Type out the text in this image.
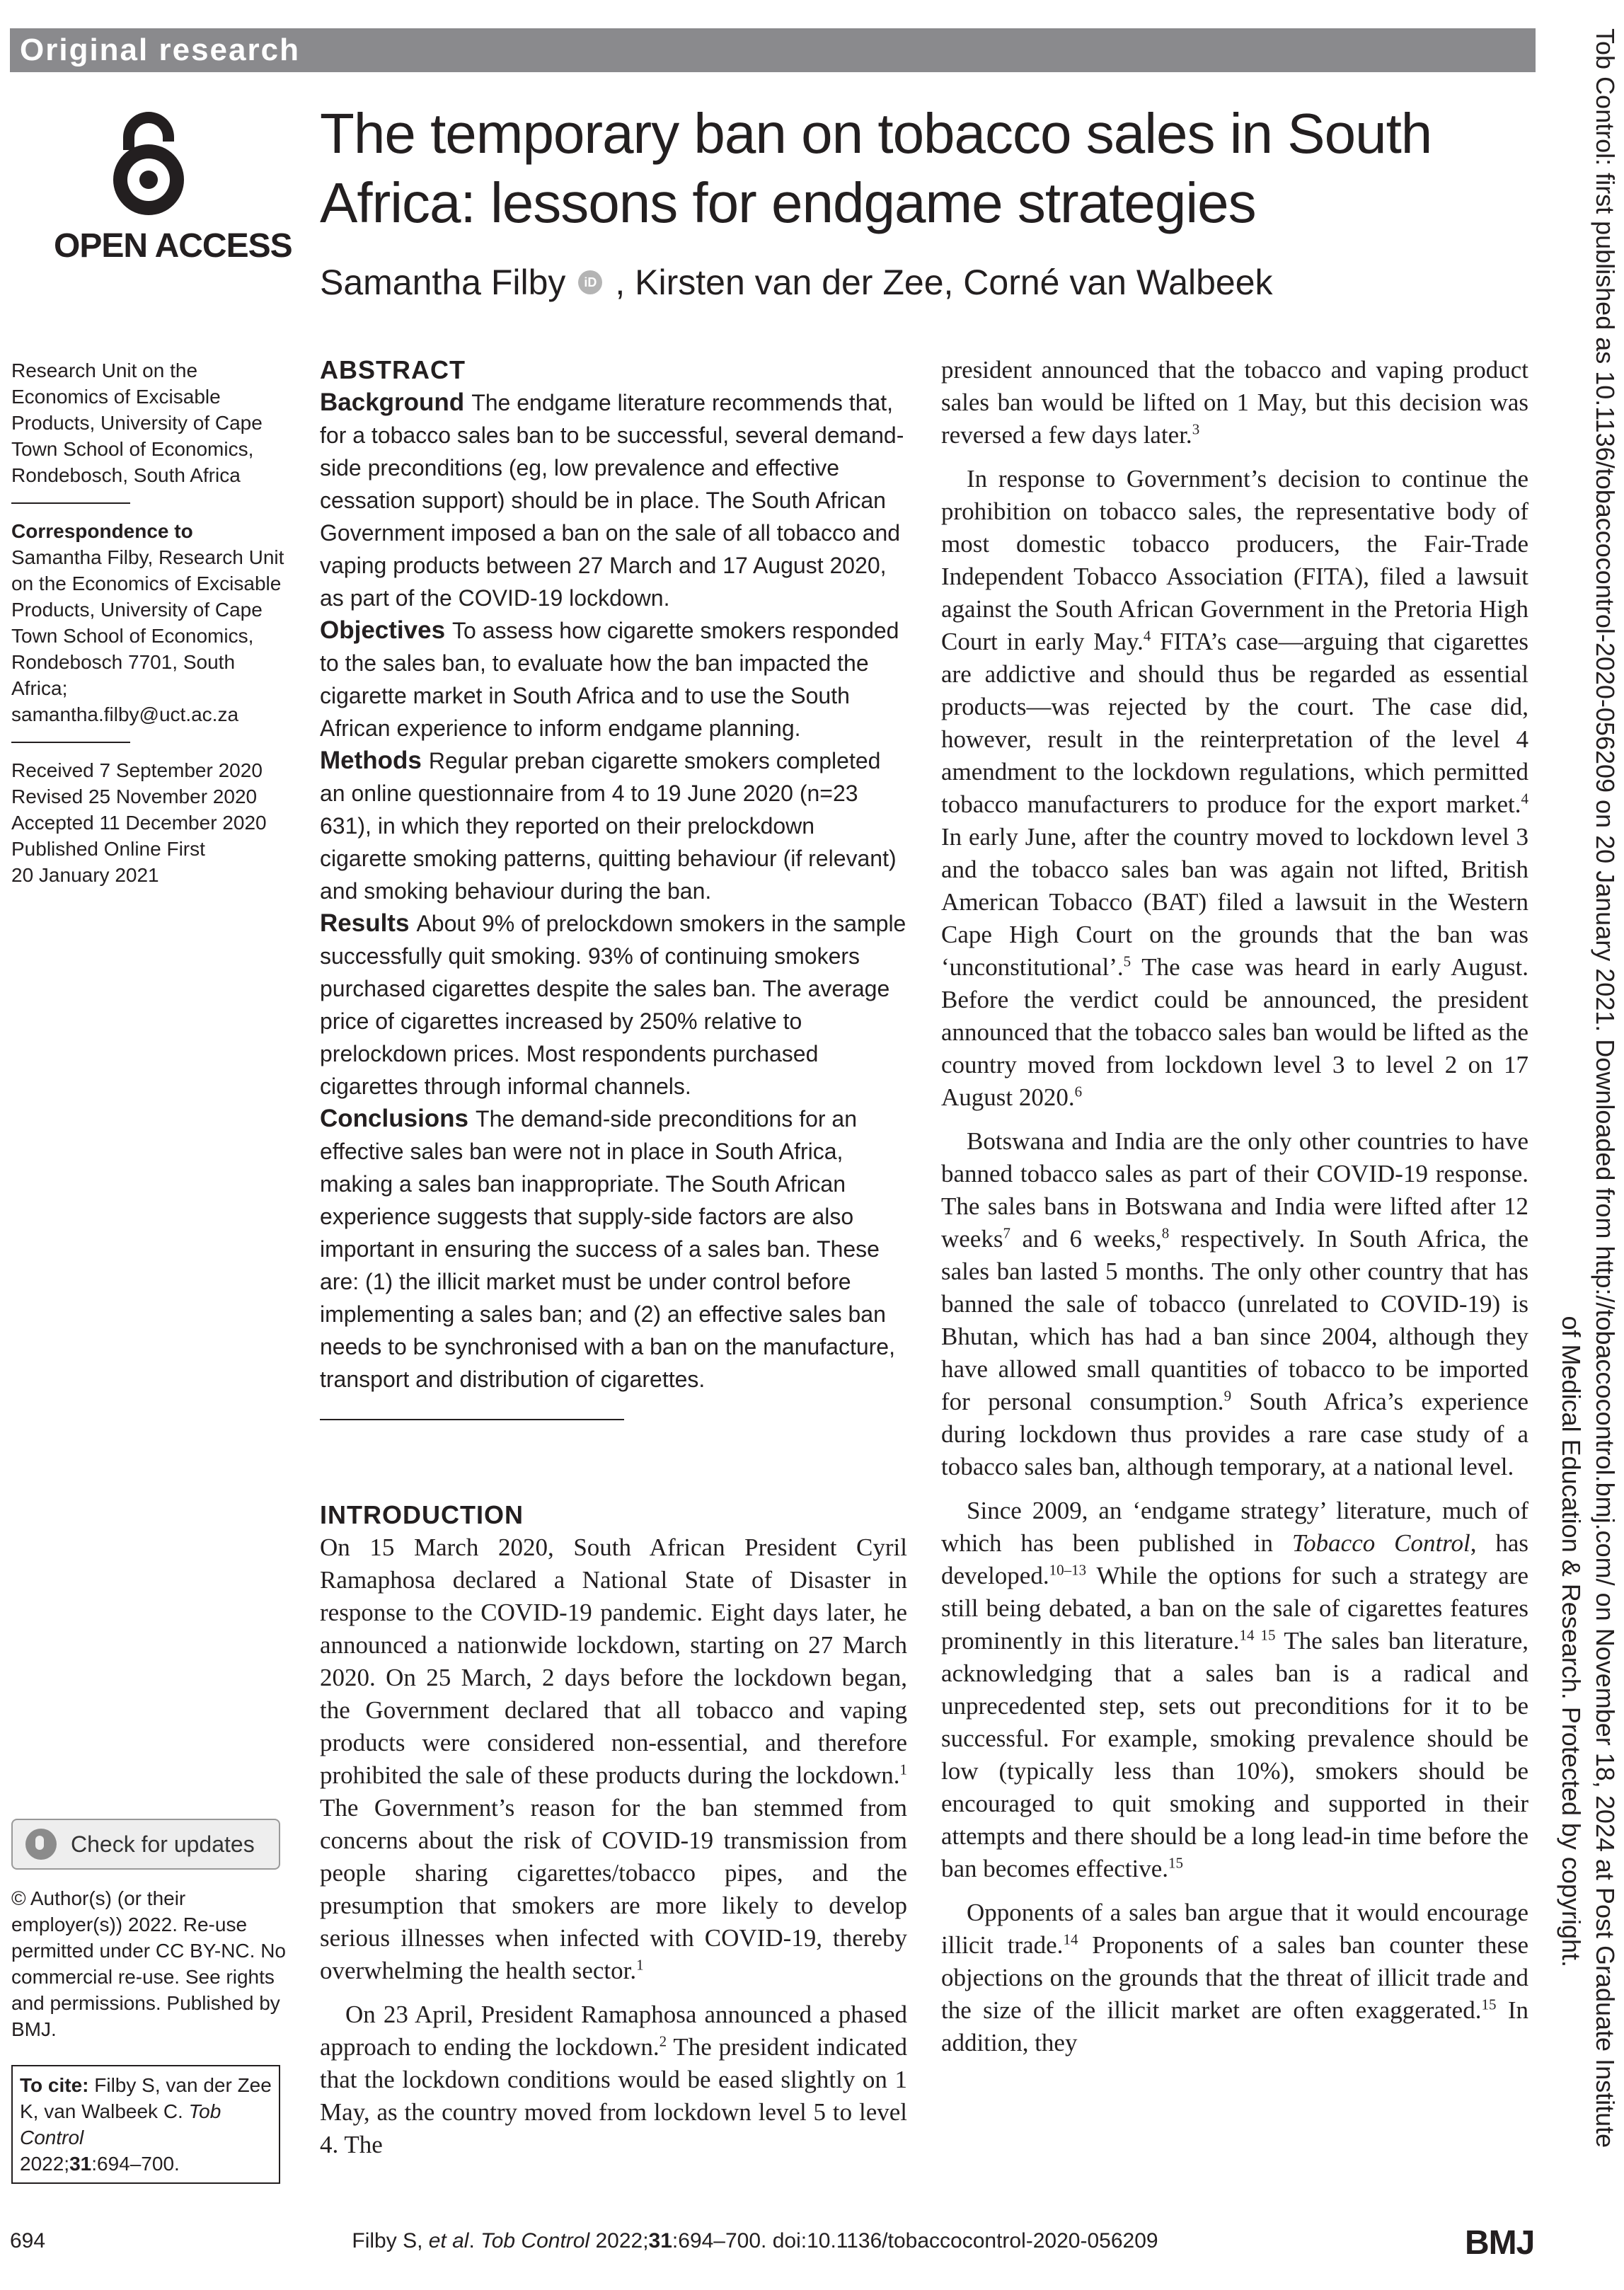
Original research
OPEN ACCESS
The temporary ban on tobacco sales in South Africa: lessons for endgame strategies
Samantha Filby iD , Kirsten van der Zee, Corné van Walbeek
Research Unit on the Economics of Excisable Products, University of Cape Town School of Economics, Rondebosch, South Africa
Correspondence to
Samantha Filby, Research Unit on the Economics of Excisable Products, University of Cape Town School of Economics, Rondebosch 7701, South Africa; samantha.filby@uct.ac.za
Received 7 September 2020
Revised 25 November 2020
Accepted 11 December 2020
Published Online First
20 January 2021
Check for updates
© Author(s) (or their employer(s)) 2022. Re-use permitted under CC BY-NC. No commercial re-use. See rights and permissions. Published by BMJ.
To cite: Filby S, van der Zee K, van Walbeek C. Tob Control
2022;31:694–700.
ABSTRACT

Background The endgame literature recommends that, for a tobacco sales ban to be successful, several demand-side preconditions (eg, low prevalence and effective cessation support) should be in place. The South African Government imposed a ban on the sale of all tobacco and vaping products between 27 March and 17 August 2020, as part of the COVID-19 lockdown.

Objectives To assess how cigarette smokers responded to the sales ban, to evaluate how the ban impacted the cigarette market in South Africa and to use the South African experience to inform endgame planning.

Methods Regular preban cigarette smokers completed an online questionnaire from 4 to 19 June 2020 (n=23 631), in which they reported on their prelockdown cigarette smoking patterns, quitting behaviour (if relevant) and smoking behaviour during the ban.

Results About 9% of prelockdown smokers in the sample successfully quit smoking. 93% of continuing smokers purchased cigarettes despite the sales ban. The average price of cigarettes increased by 250% relative to prelockdown prices. Most respondents purchased cigarettes through informal channels.

Conclusions The demand-side preconditions for an effective sales ban were not in place in South Africa, making a sales ban inappropriate. The South African experience suggests that supply-side factors are also important in ensuring the success of a sales ban. These are: (1) the illicit market must be under control before implementing a sales ban; and (2) an effective sales ban needs to be synchronised with a ban on the manufacture, transport and distribution of cigarettes.

INTRODUCTION

On 15 March 2020, South African President Cyril Ramaphosa declared a National State of Disaster in response to the COVID-19 pandemic. Eight days later, he announced a nationwide lockdown, starting on 27 March 2020. On 25 March, 2 days before the lockdown began, the Government declared that all tobacco and vaping products were considered non-essential, and therefore prohibited the sale of these products during the lockdown.$^1$ The Government’s reason for the ban stemmed from concerns about the risk of COVID-19 transmission from people sharing cigarettes/tobacco pipes, and the presumption that smokers are more likely to develop serious illnesses when infected with COVID-19, thereby overwhelming the health sector.$^1$

On 23 April, President Ramaphosa announced a phased approach to ending the lockdown.$^2$ The president indicated that the lockdown conditions would be eased slightly on 1 May, as the country moved from lockdown level 5 to level 4. The

president announced that the tobacco and vaping product sales ban would be lifted on 1 May, but this decision was reversed a few days later.$^3$

In response to Government’s decision to continue the prohibition on tobacco sales, the representative body of most domestic tobacco producers, the Fair-Trade Independent Tobacco Association (FITA), filed a lawsuit against the South African Government in the Pretoria High Court in early May.$^4$ FITA’s case—arguing that cigarettes are addictive and should thus be regarded as essential products—was rejected by the court. The case did, however, result in the reinterpretation of the level 4 amendment to the lockdown regulations, which permitted tobacco manufacturers to produce for the export market.$^4$ In early June, after the country moved to lockdown level 3 and the tobacco sales ban was again not lifted, British American Tobacco (BAT) filed a lawsuit in the Western Cape High Court on the grounds that the ban was ‘unconstitutional’.$^5$ The case was heard in early August. Before the verdict could be announced, the president announced that the tobacco sales ban would be lifted as the country moved from lockdown level 3 to level 2 on 17 August 2020.$^6$

Botswana and India are the only other countries to have banned tobacco sales as part of their COVID-19 response. The sales bans in Botswana and India were lifted after 12 weeks$^7$ and 6 weeks,$^8$ respectively. In South Africa, the sales ban lasted 5 months. The only other country that has banned the sale of tobacco (unrelated to COVID-19) is Bhutan, which has had a ban since 2004, although they have allowed small quantities of tobacco to be imported for personal consumption.$^9$ South Africa’s experience during lockdown thus provides a rare case study of a tobacco sales ban, although temporary, at a national level.

Since 2009, an ‘endgame strategy’ literature, much of which has been published in Tobacco Control, has developed.$^{10-13}$ While the options for such a strategy are still being debated, a ban on the sale of cigarettes features prominently in this literature.$^{14 15}$ The sales ban literature, acknowledging that a sales ban is a radical and unprecedented step, sets out preconditions for it to be successful. For example, smoking prevalence should be low (typically less than 10%), smokers should be encouraged to quit smoking and supported in their attempts and there should be a long lead-in time before the ban becomes effective.$^{15}$

Opponents of a sales ban argue that it would encourage illicit trade.$^{14}$ Proponents of a sales ban counter these objections on the grounds that the threat of illicit trade and the size of the illicit market are often exaggerated.$^{15}$ In addition, they

694	Filby S, et al. Tob Control 2022;31:694–700. doi:10.1136/tobaccocontrol-2020-056209	BMJ
Tob Control: first published as 10.1136/tobaccocontrol-2020-056209 on 20 January 2021. Downloaded from http://tobaccocontrol.bmj.com/ on November 18, 2024 at Post Graduate Institute
of Medical Education & Research. Protected by copyright.
